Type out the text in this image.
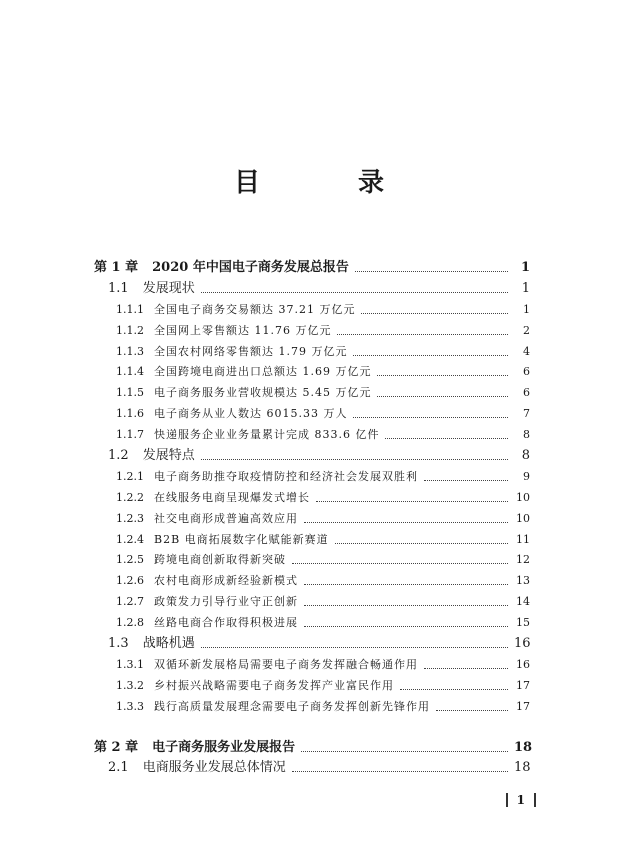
目　录
第 1 章 2020 年中国电子商务发展总报告	1
1.1 发展现状	1
1.1.1 全国电子商务交易额达 37.21 万亿元	1
1.1.2 全国网上零售额达 11.76 万亿元	2
1.1.3 全国农村网络零售额达 1.79 万亿元	4
1.1.4 全国跨境电商进出口总额达 1.69 万亿元	6
1.1.5 电子商务服务业营收规模达 5.45 万亿元	6
1.1.6 电子商务从业人数达 6015.33 万人	7
1.1.7 快递服务企业业务量累计完成 833.6 亿件	8
1.2 发展特点	8
1.2.1 电子商务助推夺取疫情防控和经济社会发展双胜利	9
1.2.2 在线服务电商呈现爆发式增长	10
1.2.3 社交电商形成普遍高效应用	10
1.2.4 B2B 电商拓展数字化赋能新赛道	11
1.2.5 跨境电商创新取得新突破	12
1.2.6 农村电商形成新经验新模式	13
1.2.7 政策发力引导行业守正创新	14
1.2.8 丝路电商合作取得积极进展	15
1.3 战略机遇	16
1.3.1 双循环新发展格局需要电子商务发挥融合畅通作用	16
1.3.2 乡村振兴战略需要电子商务发挥产业富民作用	17
1.3.3 践行高质量发展理念需要电子商务发挥创新先锋作用	17
第 2 章 电子商务服务业发展报告	18
2.1 电商服务业发展总体情况	18
1
